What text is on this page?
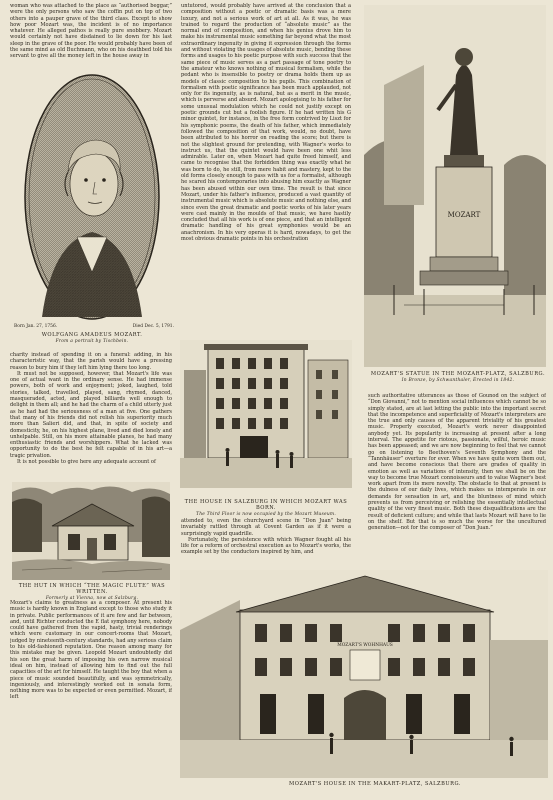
woman who was attached to the place as “authorised beggar,” were the only persons who saw the coffin put on top of two others into a pauper grave of the third class. Except to show how poor Mozart was, the incident is of no importance whatever. He alleged pathos is really pure snobbery. Mozart would certainly not have disdained to lie down for his last sleep in the grave of the poor. He would probably have been of the same mind as old Buchmann, who on his deathbed told his servant to give all the money left in the house away in

Born Jan. 27, 1756.	Died Dec. 5, 1791.
WOLFGANG AMADEUS MOZART.
From a portrait by Tischbein.

charity instead of spending it on a funeral: adding, in his characteristic way, that the parish would have a pressing reason to bury him if they left him lying there too long.

It must not be supposed, however, that Mozart's life was one of actual want in the ordinary sense. He had immense powers, both of work and enjoyment; joked, laughed, told stories, talked, travelled, played, sang, rhymed, danced, masqueraded, acted, and played billiards well enough to delight in them all; and he had the charm of a child utterly just as he had had the seriousness of a man at five. One gathers that many of his friends did not relish his superiority much more than Salieri did, and that, in spite of society and domesticity, he, on his highest plane, lived and died lonely and unhelpable. Still, on his more attainable planes, he had many enthusiastic friends and worshippers. What he lacked was opportunity to do the best he felt capable of in his art—a tragic privation.

It is not possible to give here any adequate account of

THE HUT IN WHICH “THE MAGIC FLUTE” WAS WRITTEN.
Formerly at Vienna, now at Salzburg.

Mozart's claims to greatness as a composer. At present his music is hardly known in England except to those who study it in private. Public performances of it are few and far between, and, until Richter conducted the E flat symphony here, nobody could have gathered from the vapid, hasty, trivial renderings which were customary in our concert-rooms that Mozart, judged by nineteenth-century standards, had any serious claim to his old-fashioned reputation. One reason among many for this mistake may be given. Leopold Mozart undoubtedly did his son the great harm of imposing his own narrow musical ideal on him, instead of allowing him to find out the full capacities of the art for himself. He taught the boy that when a piece of music sounded beautifully, and was symmetrically, ingeniously, and interestingly worked out in sonata form, nothing more was to be expected or even permitted. Mozart, if left

untutored, would probably have arrived at the conclusion that a composition without a poetic or dramatic basis was a mere luxury, and not a serious work of art at all. As it was, he was trained to regard the production of “absolute music” as the normal end of composition, and when his genius drove him to make his instrumental music something far beyond what the most extraordinary ingenuity in giving it expression through the forms and without violating the usages of absolute music, bending these forms and usages to his poetic purpose with such success that the same piece of music serves as a part passage of tone poetry to the amateur who knows nothing of musical formalism, while the pedant who is insensible to poetry or drama holds them up as models of classic composition to his pupils. This combination of formalism with poetic significance has been much applauded, not only for its ingenuity, as is natural, but as a merit in the music, which is perverse and absurd. Mozart apologising to his father for some unusual modulation which he could not justify except on poetic grounds cut but a foolish figure. If he had written his G minor quintet, for instance, in the free form contrived by Liszt for his symphonic poems, the death of his father, which immediately followed the composition of that work, would, no doubt, have been attributed to his horror on reading the score; but there is not the slightest ground for pretending, with Wagner's works to instruct us, that the quintet would have been one whit less admirable. Later on, when Mozart had quite freed himself, and came to recognise that the forbidden thing was exactly what he was born to do, he still, from mere habit and mastery, kept to the old forms closely enough to pass with us for a formalist, although he scared his contemporaries into abusing him exactly as Wagner has been abused within our own time. The result is that since Mozart, under his father's influence, produced a vast quantity of instrumental music which is absolute music and nothing else, and since even the great dramatic and poetic works of his later years were cast mainly in the moulds of that music, we have hastily concluded that all his work is of one piece, and that an intelligent dramatic handling of his great symphonies would be an anachronism. In his very operas it is hard, nowadays, to get the most obvious dramatic points in his orchestration

THE HOUSE IN SALZBURG IN WHICH MOZART WAS BORN.
The Third Floor is now occupied by the Mozart Museum.

attended to, even the churchyard scene in “Don Juan” being invariably rattled through at Covent Garden as if it were a surprisingly vapid quadrille.

Fortunately, the persistence with which Wagner fought all his life for a reform of orchestral execution as to Mozart's works, the example set by the conductors inspired by him, and

MOZART'S WOHNHAUS
MOZART'S HOUSE IN THE MAKART-PLATZ, SALZBURG.
MOZART
MOZART'S STATUE IN THE MOZART-PLATZ, SALZBURG.
In Bronze, by Schwanthaler, Erected in 1842.

such authoritative utterances as those of Gounod on the subject of “Don Giovanni,” not to mention social influences which cannot be so simply stated, are at last letting the public into the important secret that the incompetence and superficiality of Mozart's interpreters are the true and only causes of the apparent triviality of his greatest music. Properly executed, Mozart's work never disappointed anybody yet. Its popularity is increasing at present after a long interval. The appetite for riotous, passionate, wilful, heroic music has been appeased; and we are now beginning to feel that we cannot go on listening to Beethoven's Seventh Symphony and the “Tannhäuser” overture for ever. When we have quite worn them out, and have become conscious that there are grades of quality in emotion as well as variations of intensity, then we shall be on the way to become true Mozart connoisseurs and to value Wagner's best work apart from its mere novelty. The obstacle to that at present is the dulness of our daily lives, which makes us intemperate in our demands for sensation in art, and the bluntness of mind which prevents us from perceiving or relishing the essentially intellectual quality of the very finest music. Both these disqualifications are the result of deficient culture; and while that lasts Mozart will have to lie on the shelf. But that is so much the worse for the uncultured generation—not for the composer of “Don Juan.”
